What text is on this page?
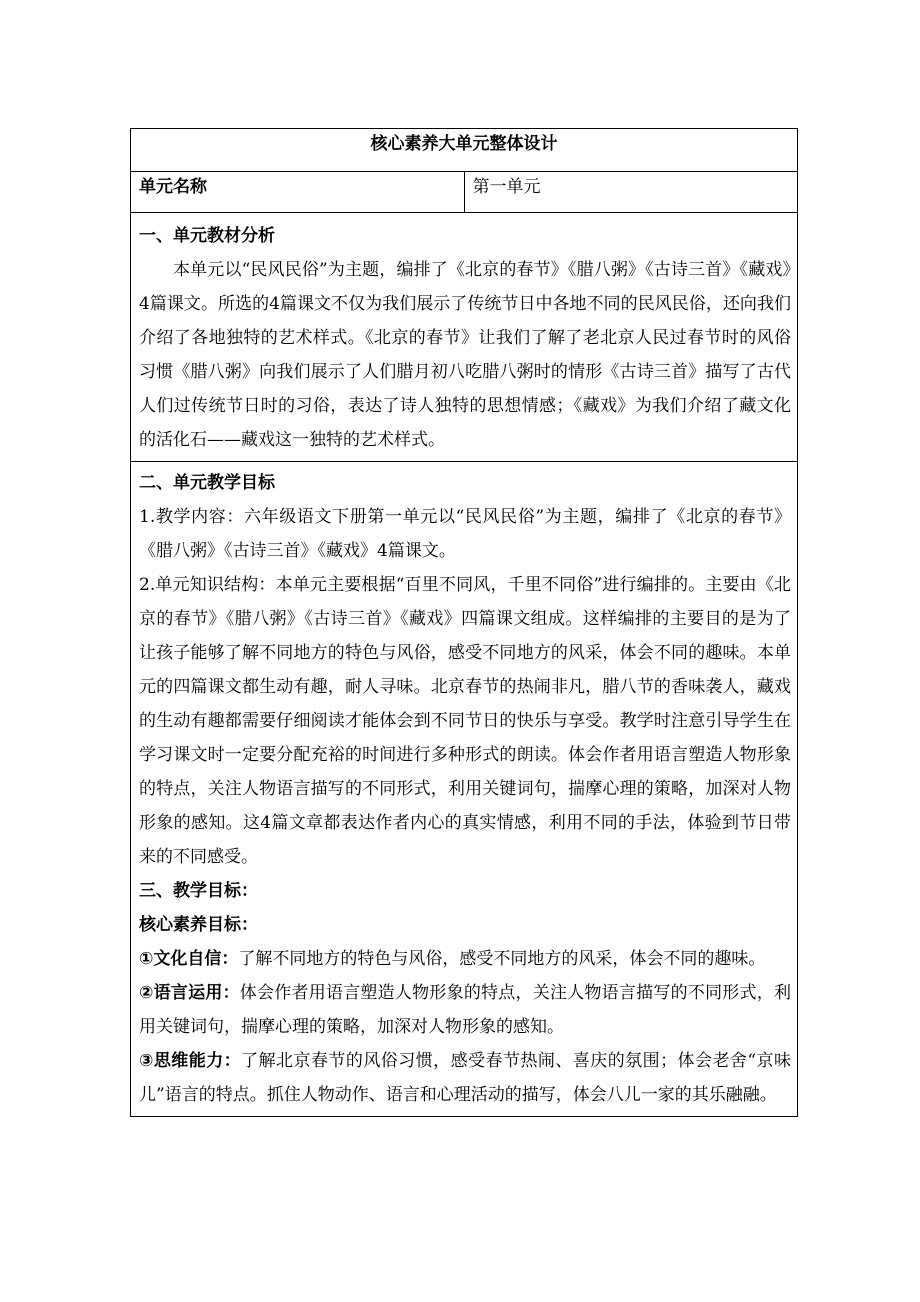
核心素养大单元整体设计
单元名称	第一单元

一、单元教材分析

本单元以“民风民俗”为主题，编排了《北京的春节》《腊八粥》《古诗三首》《藏戏》4篇课文。所选的4篇课文不仅为我们展示了传统节日中各地不同的民风民俗，还向我们介绍了各地独特的艺术样式。《北京的春节》让我们了解了老北京人民过春节时的风俗习惯《腊八粥》向我们展示了人们腊月初八吃腊八粥时的情形《古诗三首》描写了古代人们过传统节日时的习俗，表达了诗人独特的思想情感；《藏戏》为我们介绍了藏文化的活化石——藏戏这一独特的艺术样式。

二、单元教学目标

1.教学内容：六年级语文下册第一单元以“民风民俗”为主题，编排了《北京的春节》《腊八粥》《古诗三首》《藏戏》4篇课文。

2.单元知识结构：本单元主要根据“百里不同风，千里不同俗”进行编排的。主要由《北京的春节》《腊八粥》《古诗三首》《藏戏》四篇课文组成。这样编排的主要目的是为了让孩子能够了解不同地方的特色与风俗，感受不同地方的风采，体会不同的趣味。本单元的四篇课文都生动有趣，耐人寻味。北京春节的热闹非凡，腊八节的香味袭人，藏戏的生动有趣都需要仔细阅读才能体会到不同节日的快乐与享受。教学时注意引导学生在学习课文时一定要分配充裕的时间进行多种形式的朗读。体会作者用语言塑造人物形象的特点，关注人物语言描写的不同形式，利用关键词句，揣摩心理的策略，加深对人物形象的感知。这4篇文章都表达作者内心的真实情感，利用不同的手法，体验到节日带来的不同感受。

三、教学目标：
核心素养目标：

①文化自信：了解不同地方的特色与风俗，感受不同地方的风采，体会不同的趣味。

②语言运用：体会作者用语言塑造人物形象的特点，关注人物语言描写的不同形式，利用关键词句，揣摩心理的策略，加深对人物形象的感知。

③思维能力：了解北京春节的风俗习惯，感受春节热闹、喜庆的氛围；体会老舍“京味儿”语言的特点。抓住人物动作、语言和心理活动的描写，体会八儿一家的其乐融融。
